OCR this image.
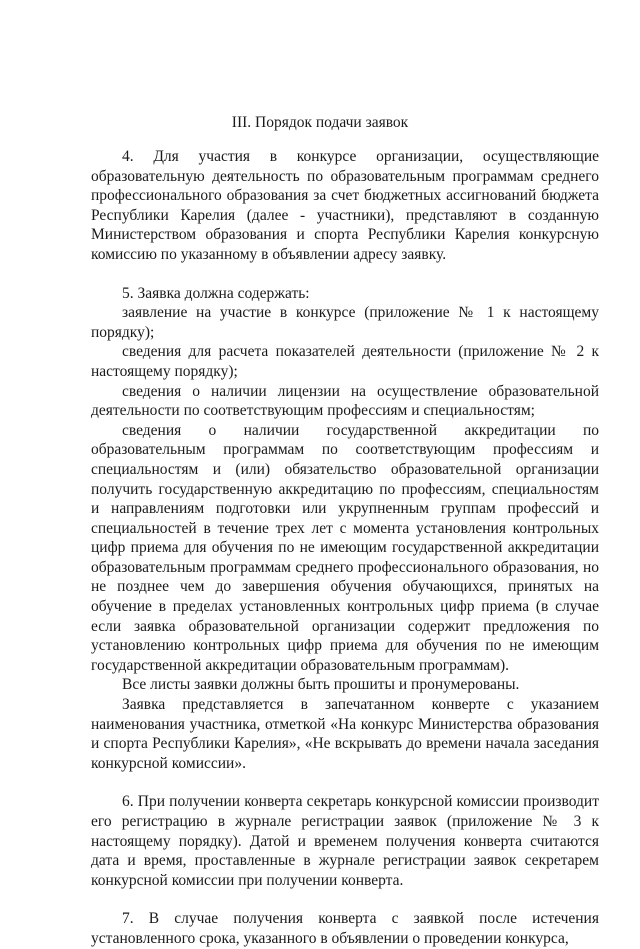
III. Порядок подачи заявок

4. Для участия в конкурсе организации, осуществляющие образовательную деятельность по образовательным программам среднего профессионального образования за счет бюджетных ассигнований бюджета Республики Карелия (далее - участники), представляют в созданную Министерством образования и спорта Республики Карелия конкурсную комиссию по указанному в объявлении адресу заявку.

5. Заявка должна содержать:

заявление на участие в конкурсе (приложение № 1 к настоящему порядку);

сведения для расчета показателей деятельности (приложение № 2 к настоящему порядку);

сведения о наличии лицензии на осуществление образовательной деятельности по соответствующим профессиям и специальностям;

сведения о наличии государственной аккредитации по образовательным программам по соответствующим профессиям и специальностям и (или) обязательство образовательной организации получить государственную аккредитацию по профессиям, специальностям и направлениям подготовки или укрупненным группам профессий и специальностей в течение трех лет с момента установления контрольных цифр приема для обучения по не имеющим государственной аккредитации образовательным программам среднего профессионального образования, но не позднее чем до завершения обучения обучающихся, принятых на обучение в пределах установленных контрольных цифр приема (в случае если заявка образовательной организации содержит предложения по установлению контрольных цифр приема для обучения по не имеющим государственной аккредитации образовательным программам).

Все листы заявки должны быть прошиты и пронумерованы.

Заявка представляется в запечатанном конверте с указанием наименования участника, отметкой «На конкурс Министерства образования и спорта Республики Карелия», «Не вскрывать до времени начала заседания конкурсной комиссии».

6. При получении конверта секретарь конкурсной комиссии производит его регистрацию в журнале регистрации заявок (приложение № 3 к настоящему порядку). Датой и временем получения конверта считаются дата и время, проставленные в журнале регистрации заявок секретарем конкурсной комиссии при получении конверта.

7. В случае получения конверта с заявкой после истечения установленного срока, указанного в объявлении о проведении конкурса,
